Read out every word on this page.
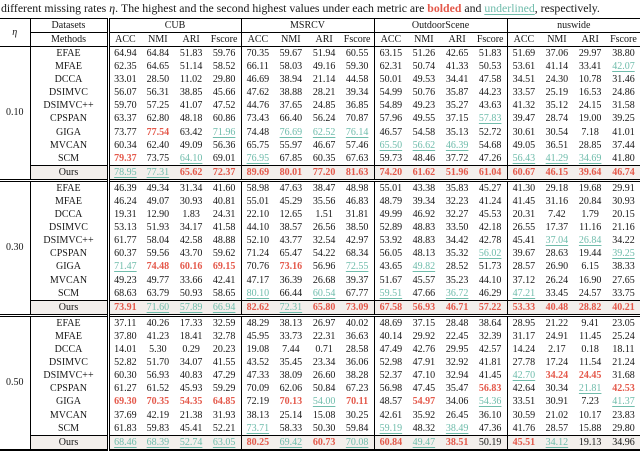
different missing rates η. The highest and the second highest values under each metric are bolded and underlined, respectively.
η	Datasets	CUB				MSRCV				OutdoorScene				nuswide			
	Methods	ACC	NMI	ARI	Fscore	ACC	NMI	ARI	Fscore	ACC	NMI	ARI	Fscore	ACC	NMI	ARI	Fscore
0.10	EFAE	64.94	64.84	51.83	59.76	70.35	59.67	51.94	60.55	63.15	51.26	42.65	51.83	51.69	37.06	29.97	38.80
	MFAE	62.35	64.65	51.14	58.52	66.11	58.03	49.16	59.30	62.31	50.74	41.33	50.53	53.61	41.14	33.41	42.07
	DCCA	33.01	28.50	11.02	29.80	46.69	38.94	21.14	44.58	50.01	49.53	34.41	47.58	34.51	24.30	10.78	31.46
	DSIMVC	56.07	56.31	38.85	45.66	47.62	38.88	28.21	39.34	54.99	50.76	35.87	44.23	33.57	25.19	16.53	24.86
	DSIMVC++	59.70	57.25	41.07	47.52	44.76	37.65	24.85	36.85	54.89	49.23	35.27	43.63	41.32	35.12	24.15	31.58
	CPSPAN	63.37	62.80	48.18	60.86	73.43	66.40	56.24	70.87	57.96	49.55	37.15	57.83	39.47	28.74	19.00	39.25
	GIGA	73.77	77.54	63.42	71.96	74.48	76.69	62.52	76.14	46.57	54.58	35.13	52.72	30.61	30.54	7.18	41.01
	MVCAN	60.34	62.40	49.09	56.36	65.75	55.97	46.67	57.46	65.50	56.62	46.39	54.68	49.05	36.51	28.85	37.44
	SCM	79.37	73.75	64.10	69.01	76.95	67.85	60.35	67.63	59.73	48.46	37.72	47.26	56.43	41.29	34.69	41.80
	Ours	78.95	77.31	65.62	72.37	89.69	80.01	77.20	81.63	74.20	61.62	51.96	61.04	60.67	46.15	39.64	46.74
0.30	EFAE	46.39	49.34	31.34	41.60	58.98	47.63	38.47	48.98	55.01	43.38	35.83	45.27	41.30	29.18	19.68	29.91
	MFAE	46.24	49.07	30.93	40.81	55.01	45.29	35.56	46.83	48.79	39.34	32.23	41.24	41.45	31.16	20.84	30.93
	DCCA	19.31	12.90	1.83	24.31	22.10	12.65	1.51	31.81	49.99	46.92	32.27	45.53	20.31	7.42	1.79	20.15
	DSIMVC	53.13	51.93	34.17	41.58	44.10	38.57	26.56	38.50	52.89	48.83	33.50	42.18	26.55	17.37	11.16	21.16
	DSIMVC++	61.77	58.04	42.58	48.88	52.10	43.77	32.54	42.97	53.92	48.83	34.42	42.78	45.41	37.04	26.84	34.22
	CPSPAN	60.37	59.56	43.70	59.62	71.24	65.47	54.22	68.34	56.05	48.13	35.32	56.02	39.67	28.63	19.44	39.25
	GIGA	71.47	74.48	60.16	69.15	70.76	73.16	56.96	72.55	43.65	49.82	28.52	51.73	28.57	26.90	6.15	38.33
	MVCAN	49.23	49.77	33.66	42.41	47.17	36.39	26.68	39.37	51.67	45.57	35.23	44.10	37.12	26.24	16.90	27.65
	SCM	68.63	63.79	50.93	58.65	80.10	66.44	60.54	67.77	59.51	47.66	36.72	46.29	47.21	33.45	24.57	33.75
	Ours	73.91	71.60	57.89	66.94	82.62	72.31	65.80	73.09	67.58	56.93	46.71	57.22	53.33	40.48	28.82	40.21
0.50	EFAE	37.11	40.26	17.33	32.59	48.29	38.13	26.97	40.02	48.69	37.15	28.48	38.64	28.95	21.22	9.41	23.05
	MFAE	37.80	41.23	18.41	32.78	45.95	33.73	22.31	36.63	40.14	29.92	22.45	32.39	31.17	24.91	11.45	25.24
	DCCA	14.01	5.30	0.29	20.23	19.08	7.44	0.71	28.58	47.49	42.76	29.95	42.57	14.24	2.17	0.18	18.11
	DSIMVC	52.82	51.70	34.07	41.55	43.52	35.45	23.34	36.06	52.98	47.91	32.92	41.81	27.78	17.24	11.54	21.24
	DSIMVC++	60.30	56.93	40.83	47.29	47.33	38.09	26.60	38.28	52.37	47.10	32.94	41.45	42.70	34.24	24.45	31.68
	CPSPAN	61.27	61.52	45.93	59.29	70.09	62.06	50.84	67.23	56.98	47.45	35.47	56.83	42.64	30.34	21.81	42.53
	GIGA	69.30	70.35	54.35	64.85	72.19	70.13	54.00	70.11	48.57	54.97	34.06	54.36	33.51	30.91	7.23	41.37
	MVCAN	37.69	42.19	21.38	31.93	38.13	25.14	15.08	30.25	42.61	35.92	26.45	36.10	30.59	21.02	10.17	23.83
	SCM	61.83	59.83	45.41	52.21	73.71	58.33	50.30	59.84	59.19	48.32	38.49	47.36	41.76	28.57	15.88	29.80
	Ours	68.46	68.39	52.74	63.05	80.25	69.42	60.73	70.08	60.84	49.47	38.51	50.19	45.51	34.12	19.13	34.96
